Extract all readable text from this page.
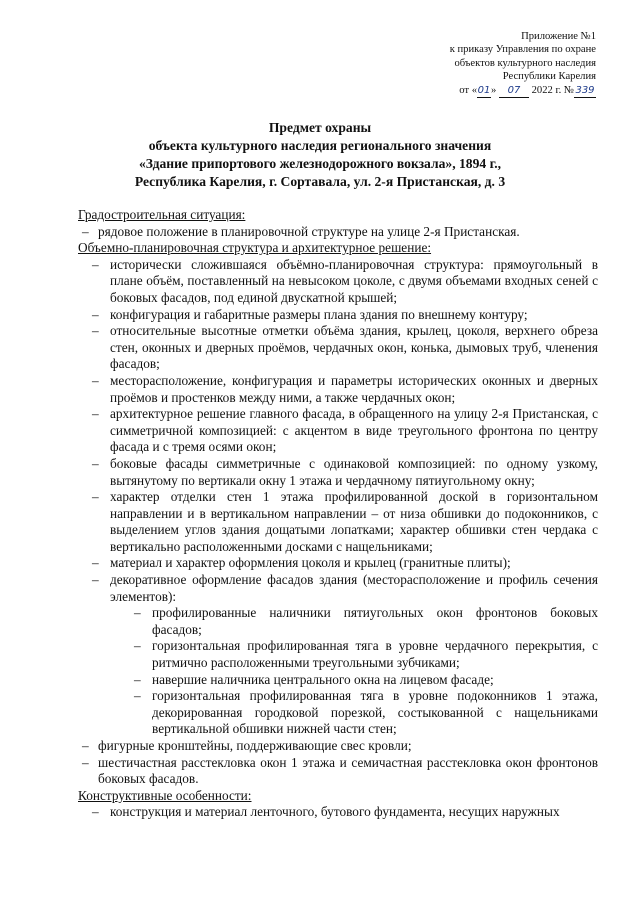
Приложение №1
к приказу Управления по охране
объектов культурного наследия
Республики Карелия
от «01» 07 2022 г. №339
Предмет охраны
объекта культурного наследия регионального значения
«Здание припортового железнодорожного вокзала», 1894 г.,
Республика Карелия, г. Сортавала, ул. 2-я Пристанская, д. 3
Градостроительная ситуация:
– рядовое положение в планировочной структуре на улице 2-я Пристанская.
Объемно-планировочная структура и архитектурное решение:
– исторически сложившаяся объёмно-планировочная структура: прямоугольный в плане объём, поставленный на невысоком цоколе, с двумя объемами входных сеней с боковых фасадов, под единой двускатной крышей;
– конфигурация и габаритные размеры плана здания по внешнему контуру;
– относительные высотные отметки объёма здания, крылец, цоколя, верхнего обреза стен, оконных и дверных проёмов, чердачных окон, конька, дымовых труб, членения фасадов;
– месторасположение, конфигурация и параметры исторических оконных и дверных проёмов и простенков между ними, а также чердачных окон;
– архитектурное решение главного фасада, в обращенного на улицу 2-я Пристанская, с симметричной композицией: с акцентом в виде треугольного фронтона по центру фасада и с тремя осями окон;
– боковые фасады симметричные с одинаковой композицией: по одному узкому, вытянутому по вертикали окну 1 этажа и чердачному пятиугольному окну;
– характер отделки стен 1 этажа профилированной доской в горизонтальном направлении и в вертикальном направлении – от низа обшивки до подоконников, с выделением углов здания дощатыми лопатками; характер обшивки стен чердака с вертикально расположенными досками с нащельниками;
– материал и характер оформления цоколя и крылец (гранитные плиты);
– декоративное оформление фасадов здания (месторасположение и профиль сечения элементов):
– профилированные наличники пятиугольных окон фронтонов боковых фасадов;
– горизонтальная профилированная тяга в уровне чердачного перекрытия, с ритмично расположенными треугольными зубчиками;
– навершие наличника центрального окна на лицевом фасаде;
– горизонтальная профилированная тяга в уровне подоконников 1 этажа, декорированная городковой порезкой, состыкованной с нащельниками вертикальной обшивки нижней части стен;
– фигурные кронштейны, поддерживающие свес кровли;
– шестичастная расстекловка окон 1 этажа и семичастная расстекловка окон фронтонов боковых фасадов.
Конструктивные особенности:
– конструкция и материал ленточного, бутового фундамента, несущих наружных
